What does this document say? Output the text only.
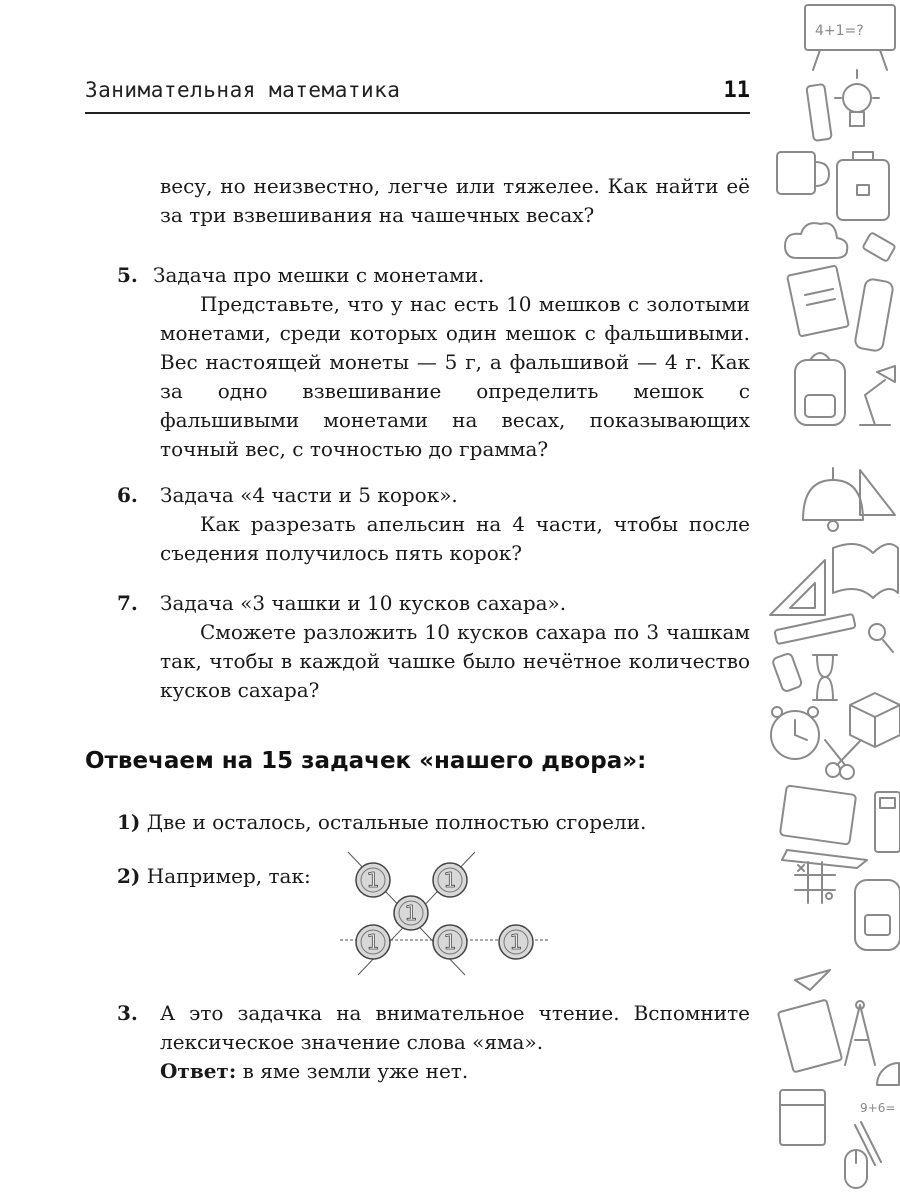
Занимательная математика	11
весу, но неизвестно, легче или тяжелее. Как найти её за три взвешивания на чашечных весах?
5. Задача про мешки с монетами.
Представьте, что у нас есть 10 мешков с золотыми монетами, среди которых один мешок с фальшивыми. Вес настоящей монеты — 5 г, а фальшивой — 4 г. Как за одно взвешивание определить мешок с фальшивыми монетами на весах, показывающих точный вес, с точностью до грамма?
6. Задача «4 части и 5 корок».
Как разрезать апельсин на 4 части, чтобы после съедения получилось пять корок?
7. Задача «3 чашки и 10 кусков сахара».
Сможете разложить 10 кусков сахара по 3 чашкам так, чтобы в каждой чашке было нечётное количество кусков сахара?
Отвечаем на 15 задачек «нашего двора»:
1) Две и осталось, остальные полностью сгорели.
2) Например, так:	1	1
1
1	1	1
3. А это задачка на внимательное чтение. Вспомните лексическое значение слова «яма».
Ответ: в яме земли уже нет.
4+1=?
9+6=
